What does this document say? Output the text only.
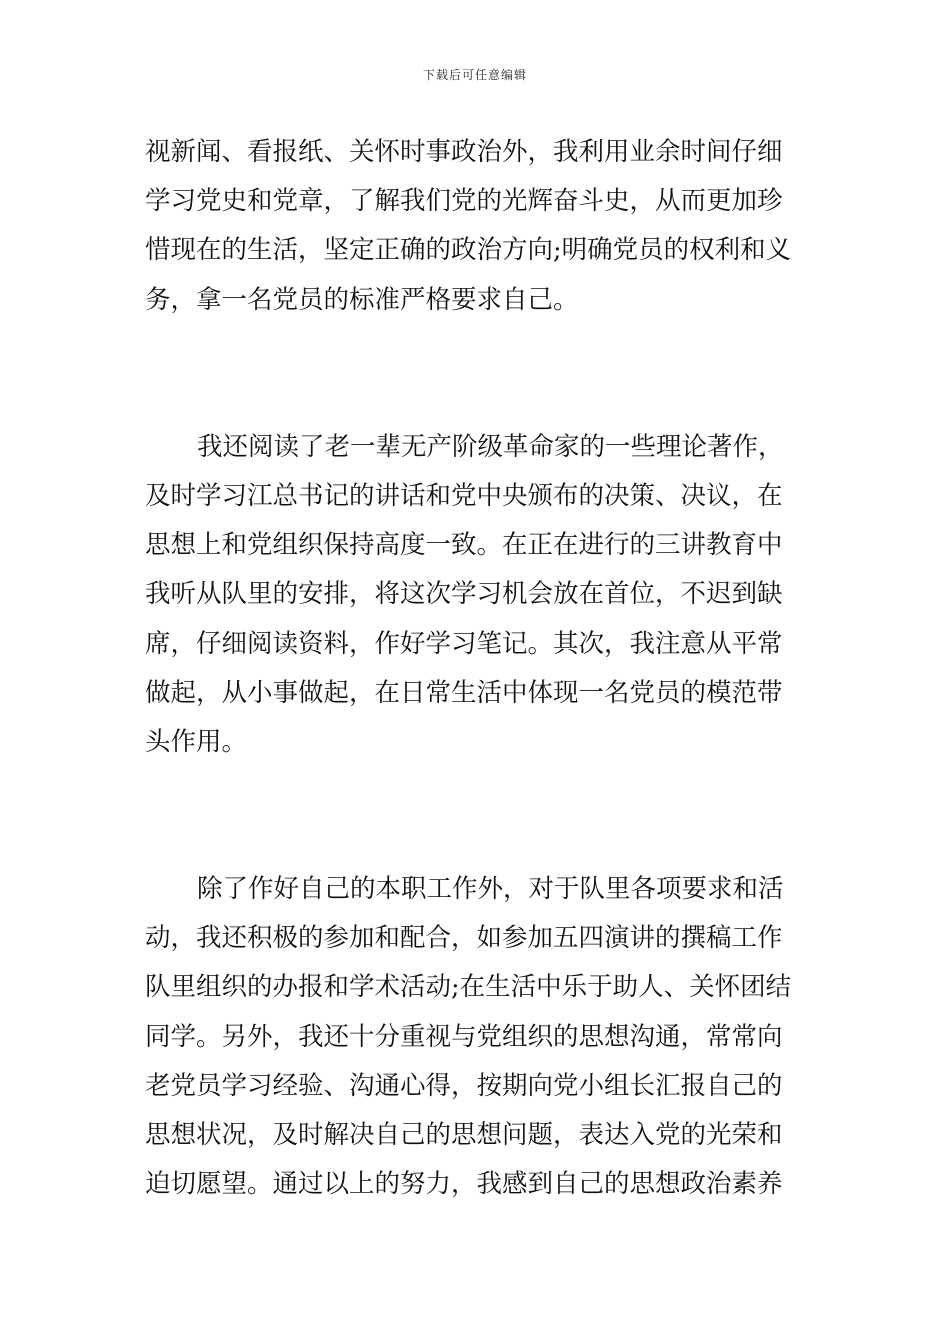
下载后可任意编辑
视新闻、看报纸、关怀时事政治外，我利用业余时间仔细
学习党史和党章，了解我们党的光辉奋斗史，从而更加珍
惜现在的生活，坚定正确的政治方向;明确党员的权利和义
务，拿一名党员的标准严格要求自己。
我还阅读了老一辈无产阶级革命家的一些理论著作，
及时学习江总书记的讲话和党中央颁布的决策、决议，在
思想上和党组织保持高度一致。在正在进行的三讲教育中
我听从队里的安排，将这次学习机会放在首位，不迟到缺
席，仔细阅读资料，作好学习笔记。其次，我注意从平常
做起，从小事做起，在日常生活中体现一名党员的模范带
头作用。
除了作好自己的本职工作外，对于队里各项要求和活
动，我还积极的参加和配合，如参加五四演讲的撰稿工作
队里组织的办报和学术活动;在生活中乐于助人、关怀团结
同学。另外，我还十分重视与党组织的思想沟通，常常向
老党员学习经验、沟通心得，按期向党小组长汇报自己的
思想状况，及时解决自己的思想问题，表达入党的光荣和
迫切愿望。通过以上的努力，我感到自己的思想政治素养
